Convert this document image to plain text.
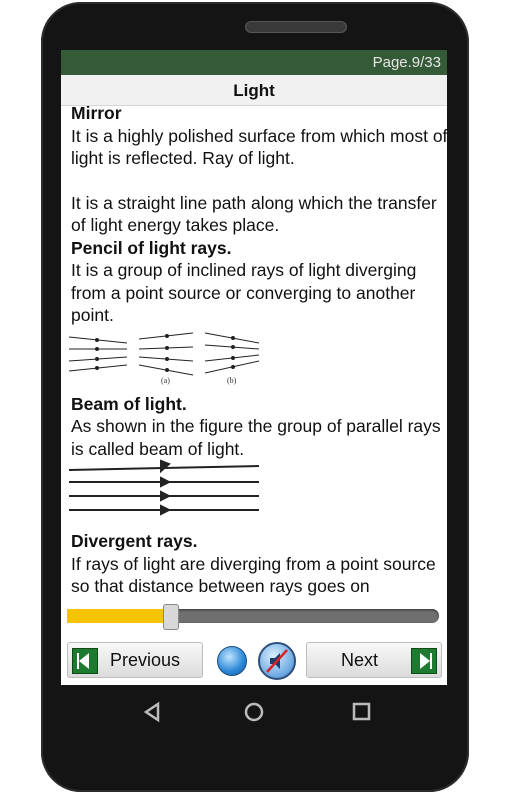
Page.9/33
Light

Mirror

It is a highly polished surface from which most of light is reflected. Ray of light.

It is a straight line path along which the transfer of light energy takes place.

Pencil of light rays.

It is a group of inclined rays of light diverging from a point source or converging to another point.

(a)	(b)

Beam of light.

As shown in the figure the group of parallel rays is called beam of light.

Divergent rays.

If rays of light are diverging from a point source so that distance between rays goes on

Previous	Next
